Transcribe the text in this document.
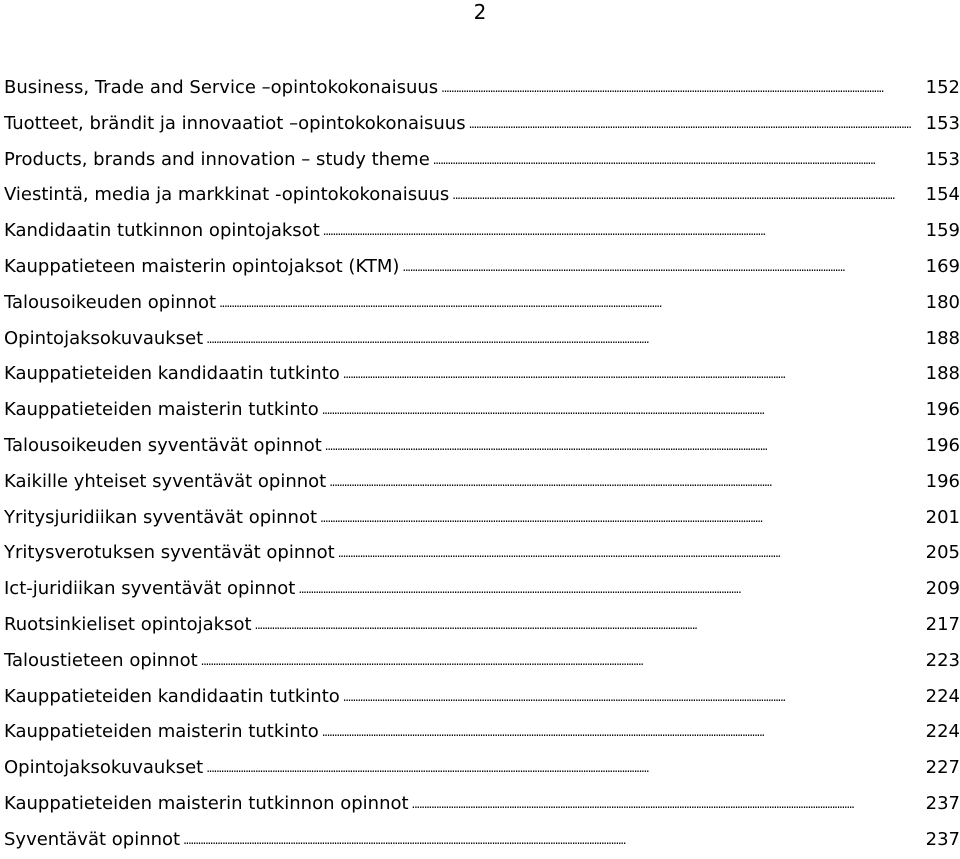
2
Business, Trade and Service –opintokokonaisuus . . .	152
Tuotteet, brändit ja innovaatiot –opintokokonaisuus . . .	153
Products, brands and innovation – study theme . . .	153
Viestintä, media ja markkinat -opintokokonaisuus . . .	154
Kandidaatin tutkinnon opintojaksot . . .	159
Kauppatieteen maisterin opintojaksot (KTM) . . .	169
Talousoikeuden opinnot . . .	180
Opintojaksokuvaukset . . .	188
Kauppatieteiden kandidaatin tutkinto . . .	188
Kauppatieteiden maisterin tutkinto . . .	196
Talousoikeuden syventävät opinnot . . .	196
Kaikille yhteiset syventävät opinnot . . .	196
Yritysjuridiikan syventävät opinnot . . .	201
Yritysverotuksen syventävät opinnot . . .	205
Ict-juridiikan syventävät opinnot . . .	209
Ruotsinkieliset opintojaksot . . .	217
Taloustieteen opinnot . . .	223
Kauppatieteiden kandidaatin tutkinto . . .	224
Kauppatieteiden maisterin tutkinto . . .	224
Opintojaksokuvaukset . . .	227
Kauppatieteiden maisterin tutkinnon opinnot . . .	237
Syventävät opinnot . . .	237
